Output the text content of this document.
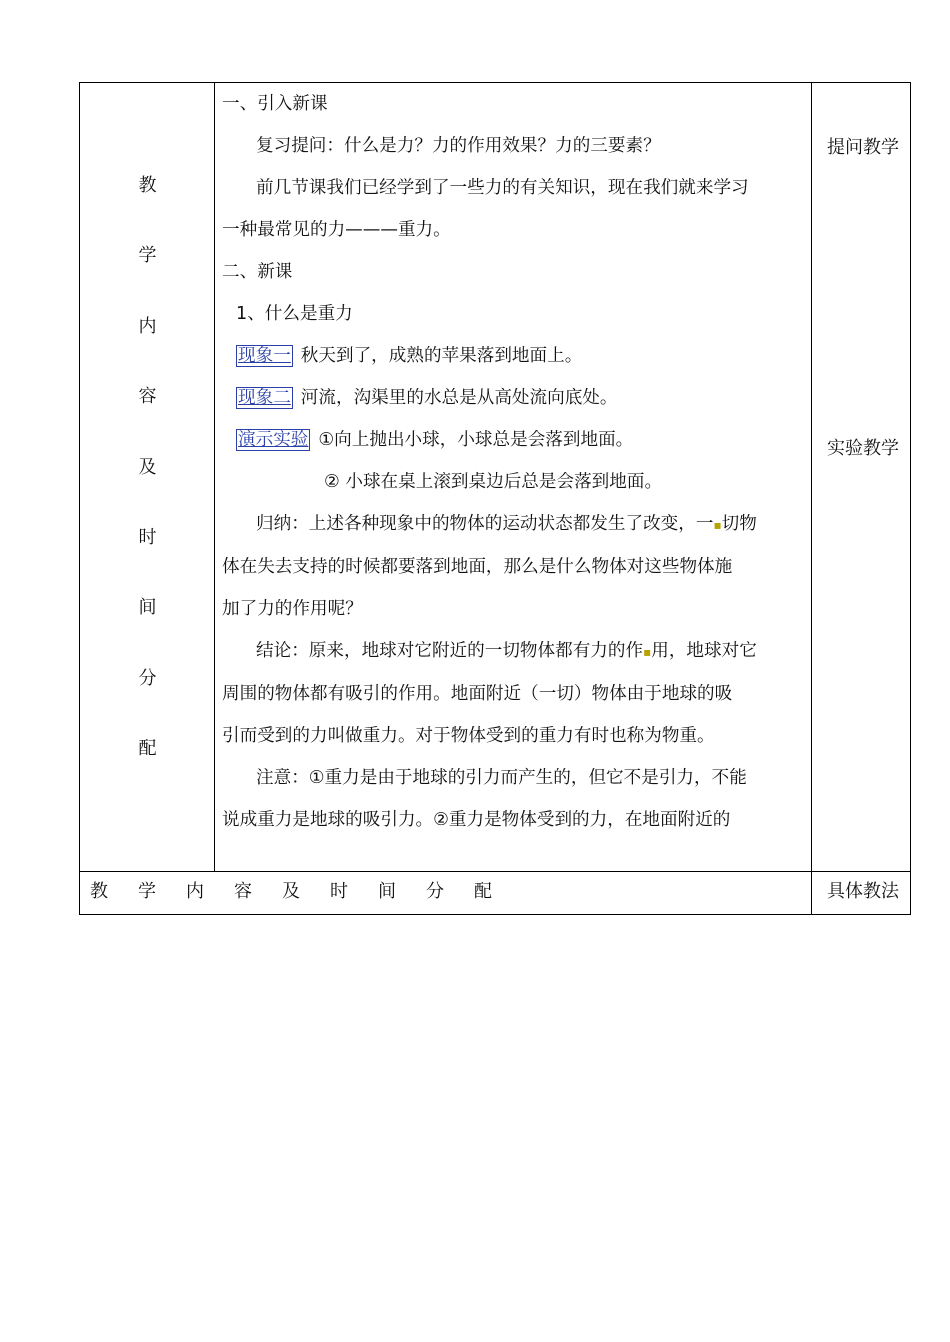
教
学
内
容
及
时
间
分
配

一、引入新课

复习提问：什么是力？力的作用效果？力的三要素？

前几节课我们已经学到了一些力的有关知识，现在我们就来学习

一种最常见的力———重力。

二、新课

1、什么是重力

现象一 秋天到了，成熟的苹果落到地面上。

现象二 河流，沟渠里的水总是从高处流向底处。

演示实验 ①向上抛出小球，小球总是会落到地面。

② 小球在桌上滚到桌边后总是会落到地面。

归纳：上述各种现象中的物体的运动状态都发生了改变，一▪切物

体在失去支持的时候都要落到地面，那么是什么物体对这些物体施

加了力的作用呢？

结论：原来，地球对它附近的一切物体都有力的作▪用，地球对它

周围的物体都有吸引的作用。地面附近（一切）物体由于地球的吸

引而受到的力叫做重力。对于物体受到的重力有时也称为物重。

注意：①重力是由于地球的引力而产生的，但它不是引力，不能

说成重力是地球的吸引力。②重力是物体受到的力，在地面附近的

提问教学
实验教学
教 学 内 容 及 时 间 分 配	具体教法
